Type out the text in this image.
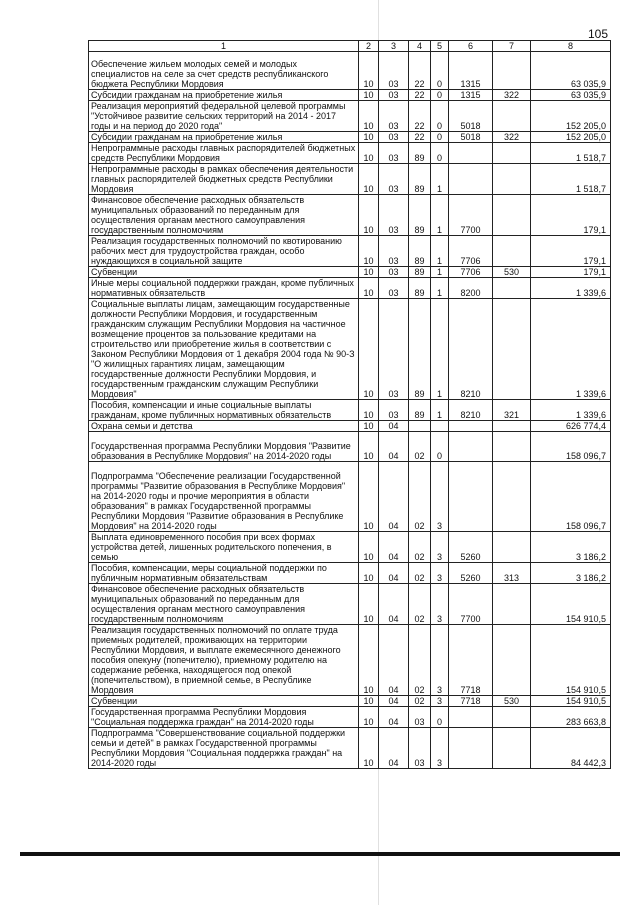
105
1	2	3	4	5	6	7	8
Обеспечение жильем молодых семей и молодых специалистов на селе за счет средств республиканского бюджета Республики Мордовия	10	03	22	0	1315		63 035,9
Субсидии гражданам на приобретение жилья	10	03	22	0	1315	322	63 035,9
Реализация мероприятий федеральной целевой программы "Устойчивое развитие сельских территорий на 2014 - 2017 годы и на период до 2020 года"	10	03	22	0	5018		152 205,0
Субсидии гражданам на приобретение жилья	10	03	22	0	5018	322	152 205,0
Непрограммные расходы главных распорядителей бюджетных средств Республики Мордовия	10	03	89	0			1 518,7
Непрограммные расходы в рамках обеспечения деятельности главных распорядителей бюджетных средств Республики Мордовия	10	03	89	1			1 518,7
Финансовое обеспечение расходных обязательств муниципальных образований по переданным для осуществления органам местного самоуправления государственным полномочиям	10	03	89	1	7700		179,1
Реализация государственных полномочий по квотированию рабочих мест для трудоустройства граждан, особо нуждающихся в социальной защите	10	03	89	1	7706		179,1
Субвенции	10	03	89	1	7706	530	179,1
Иные меры социальной поддержки граждан, кроме публичных нормативных обязательств	10	03	89	1	8200		1 339,6
Социальные выплаты лицам, замещающим государственные должности Республики Мордовия, и государственным гражданским служащим Республики Мордовия на частичное возмещение процентов за пользование кредитами на строительство или приобретение жилья в соответствии с Законом Республики Мордовия от 1 декабря 2004 года № 90-З "О жилищных гарантиях лицам, замещающим государственные должности Республики Мордовия, и государственным гражданским служащим Республики Мордовия"	10	03	89	1	8210		1 339,6
Пособия, компенсации и иные социальные выплаты гражданам, кроме публичных нормативных обязательств	10	03	89	1	8210	321	1 339,6
Охрана семьи и детства	10	04					626 774,4
Государственная программа Республики Мордовия "Развитие образования в Республике Мордовия" на 2014-2020 годы	10	04	02	0			158 096,7
Подпрограмма "Обеспечение реализации Государственной программы "Развитие образования в Республике Мордовия" на 2014-2020 годы и прочие мероприятия в области образования" в рамках Государственной программы Республики Мордовия "Развитие образования в Республике Мордовия" на 2014-2020 годы	10	04	02	3			158 096,7
Выплата единовременного пособия при всех формах устройства детей, лишенных родительского попечения, в семью	10	04	02	3	5260		3 186,2
Пособия, компенсации, меры социальной поддержки по публичным нормативным обязательствам	10	04	02	3	5260	313	3 186,2
Финансовое обеспечение расходных обязательств муниципальных образований по переданным для осуществления органам местного самоуправления государственным полномочиям	10	04	02	3	7700		154 910,5
Реализация государственных полномочий по оплате труда приемных родителей, проживающих на территории Республики Мордовия, и выплате ежемесячного денежного пособия опекуну (попечителю), приемному родителю на содержание ребенка, находящегося под опекой (попечительством), в приемной семье, в Республике Мордовия	10	04	02	3	7718		154 910,5
Субвенции	10	04	02	3	7718	530	154 910,5
Государственная программа Республики Мордовия "Социальная поддержка граждан" на 2014-2020 годы	10	04	03	0			283 663,8
Подпрограмма "Совершенствование социальной поддержки семьи и детей" в рамках Государственной программы Республики Мордовия "Социальная поддержка граждан" на 2014-2020 годы	10	04	03	3			84 442,3
